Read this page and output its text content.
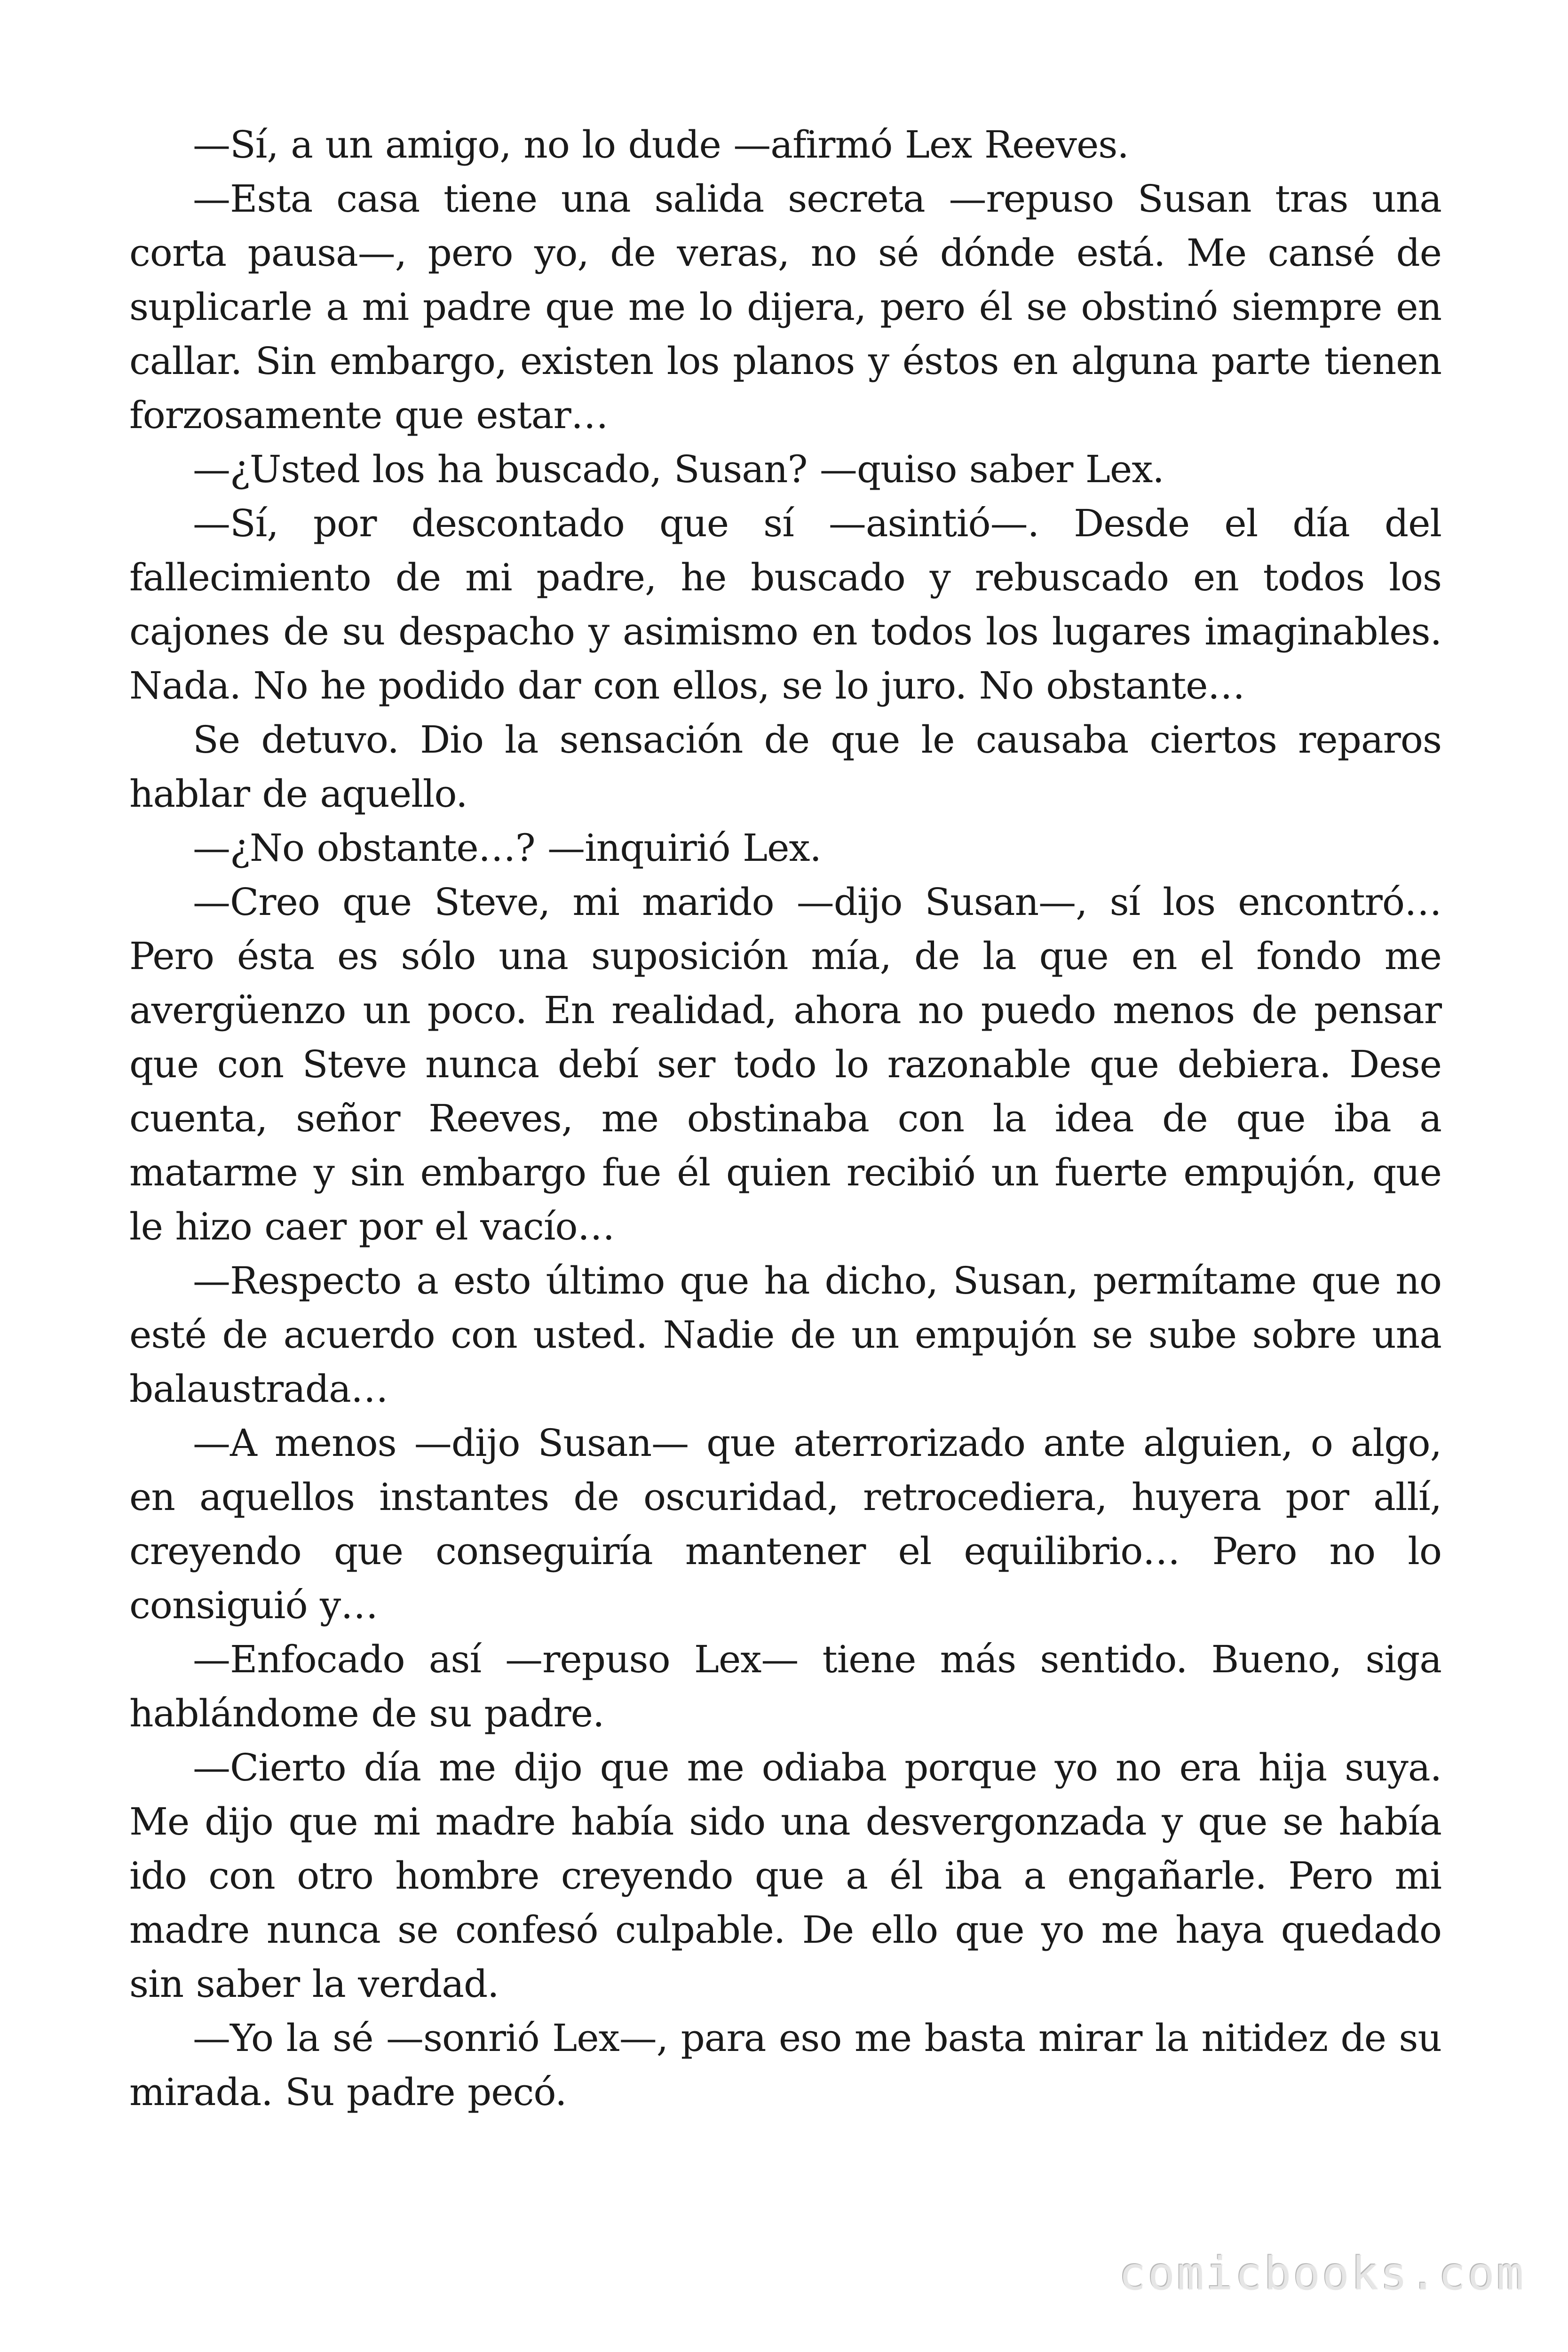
—Sí, a un amigo, no lo dude —afirmó Lex Reeves.

—Esta casa tiene una salida secreta —repuso Susan tras una corta pausa—, pero yo, de veras, no sé dónde está. Me cansé de suplicarle a mi padre que me lo dijera, pero él se obstinó siempre en callar. Sin embargo, existen los planos y éstos en alguna parte tienen forzosamente que estar…

—¿Usted los ha buscado, Susan? —quiso saber Lex.

—Sí, por descontado que sí —asintió—. Desde el día del fallecimiento de mi padre, he buscado y rebuscado en todos los cajones de su despacho y asimismo en todos los lugares imaginables. Nada. No he podido dar con ellos, se lo juro. No obstante…

Se detuvo. Dio la sensación de que le causaba ciertos reparos hablar de aquello.

—¿No obstante…? —inquirió Lex.

—Creo que Steve, mi marido —dijo Susan—, sí los encontró… Pero ésta es sólo una suposición mía, de la que en el fondo me avergüenzo un poco. En realidad, ahora no puedo menos de pensar que con Steve nunca debí ser todo lo razonable que debiera. Dese cuenta, señor Reeves, me obstinaba con la idea de que iba a matarme y sin embargo fue él quien recibió un fuerte empujón, que le hizo caer por el vacío…

—Respecto a esto último que ha dicho, Susan, permítame que no esté de acuerdo con usted. Nadie de un empujón se sube sobre una balaustrada…

—A menos —dijo Susan— que aterrorizado ante alguien, o algo, en aquellos instantes de oscuridad, retrocediera, huyera por allí, creyendo que conseguiría mantener el equilibrio… Pero no lo consiguió y…

—Enfocado así —repuso Lex— tiene más sentido. Bueno, siga hablándome de su padre.

—Cierto día me dijo que me odiaba porque yo no era hija suya. Me dijo que mi madre había sido una desvergonzada y que se había ido con otro hombre creyendo que a él iba a engañarle. Pero mi madre nunca se confesó culpable. De ello que yo me haya quedado sin saber la verdad.

—Yo la sé —sonrió Lex—, para eso me basta mirar la nitidez de su mirada. Su padre pecó.

comicbooks.com
